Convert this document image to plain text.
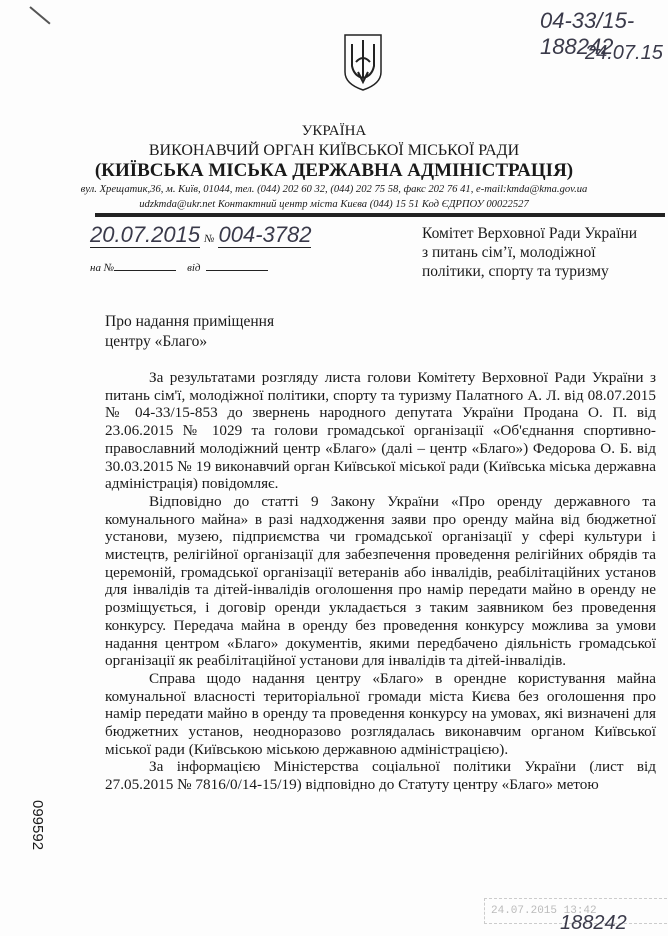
04-33/15-188242
24.07.15
УКРАЇНА
ВИКОНАВЧИЙ ОРГАН КИЇВСЬКОЇ МІСЬКОЇ РАДИ
(КИЇВСЬКА МІСЬКА ДЕРЖАВНА АДМІНІСТРАЦІЯ)
вул. Хрещатик,36, м. Київ, 01044, тел. (044) 202 60 32, (044) 202 75 58, факс 202 76 41, e-mail:kmda@kma.gov.ua
udzkmda@ukr.net Контактний центр міста Києва (044) 15 51 Код ЄДРПОУ 00022527
20.07.2015 № 004-3782
на №	від
Комітет Верховної Ради України
з питань сім’ї, молодіжної
політики, спорту та туризму
Про надання приміщення
центру «Благо»

За результатами розгляду листа голови Комітету Верховної Ради України з питань сім'ї, молодіжної політики, спорту та туризму Палатного А. Л. від 08.07.2015 № 04-33/15-853 до звернень народного депутата України Продана О. П. від 23.06.2015 № 1029 та голови громадської організації «Об'єднання спортивно-православний молодіжний центр «Благо» (далі – центр «Благо») Федорова О. Б. від 30.03.2015 № 19 виконавчий орган Київської міської ради (Київська міська державна адміністрація) повідомляє.

Відповідно до статті 9 Закону України «Про оренду державного та комунального майна» в разі надходження заяви про оренду майна від бюджетної установи, музею, підприємства чи громадської організації у сфері культури і мистецтв, релігійної організації для забезпечення проведення релігійних обрядів та церемоній, громадської організації ветеранів або інвалідів, реабілітаційних установ для інвалідів та дітей-інвалідів оголошення про намір передати майно в оренду не розміщується, і договір оренди укладається з таким заявником без проведення конкурсу. Передача майна в оренду без проведення конкурсу можлива за умови надання центром «Благо» документів, якими передбачено діяльність громадської організації як реабілітаційної установи для інвалідів та дітей-інвалідів.

Справа щодо надання центру «Благо» в орендне користування майна комунальної власності територіальної громади міста Києва без оголошення про намір передати майно в оренду та проведення конкурсу на умовах, які визначені для бюджетних установ, неодноразово розглядалась виконавчим органом Київської міської ради (Київською міською державною адміністрацією).

За інформацією Міністерства соціальної політики України (лист від 27.05.2015 № 7816/0/14-15/19) відповідно до Статуту центру «Благо» метою

099592
24.07.2015 13:42
188242
